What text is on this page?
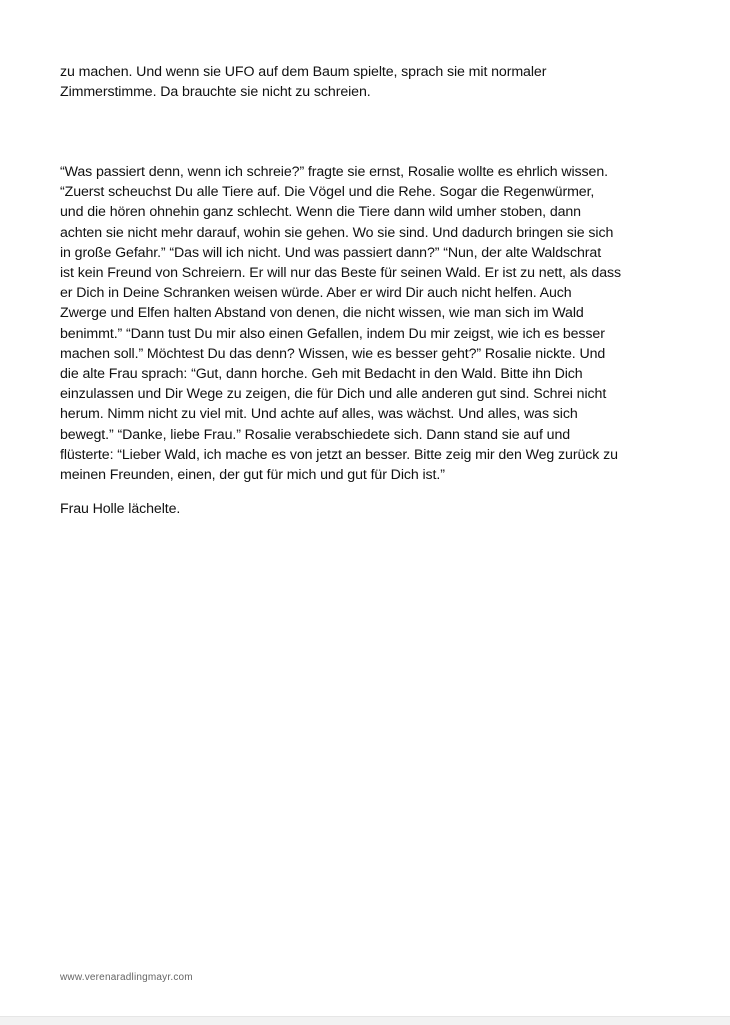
zu machen. Und wenn sie UFO auf dem Baum spielte, sprach sie mit normaler
Zimmerstimme. Da brauchte sie nicht zu schreien.

“Was passiert denn, wenn ich schreie?” fragte sie ernst, Rosalie wollte es ehrlich wissen.
“Zuerst scheuchst Du alle Tiere auf. Die Vögel und die Rehe. Sogar die Regenwürmer,
und die hören ohnehin ganz schlecht. Wenn die Tiere dann wild umher stoben, dann
achten sie nicht mehr darauf, wohin sie gehen. Wo sie sind. Und dadurch bringen sie sich
in große Gefahr.” “Das will ich nicht. Und was passiert dann?” “Nun, der alte Waldschrat
ist kein Freund von Schreiern. Er will nur das Beste für seinen Wald. Er ist zu nett, als dass
er Dich in Deine Schranken weisen würde. Aber er wird Dir auch nicht helfen. Auch
Zwerge und Elfen halten Abstand von denen, die nicht wissen, wie man sich im Wald
benimmt.” “Dann tust Du mir also einen Gefallen, indem Du mir zeigst, wie ich es besser
machen soll.” Möchtest Du das denn? Wissen, wie es besser geht?” Rosalie nickte. Und
die alte Frau sprach: “Gut, dann horche. Geh mit Bedacht in den Wald. Bitte ihn Dich
einzulassen und Dir Wege zu zeigen, die für Dich und alle anderen gut sind. Schrei nicht
herum. Nimm nicht zu viel mit. Und achte auf alles, was wächst. Und alles, was sich
bewegt.” “Danke, liebe Frau.” Rosalie verabschiedete sich. Dann stand sie auf und
flüsterte: “Lieber Wald, ich mache es von jetzt an besser. Bitte zeig mir den Weg zurück zu
meinen Freunden, einen, der gut für mich und gut für Dich ist.”

Frau Holle lächelte.

www.verenaradlingmayr.com
